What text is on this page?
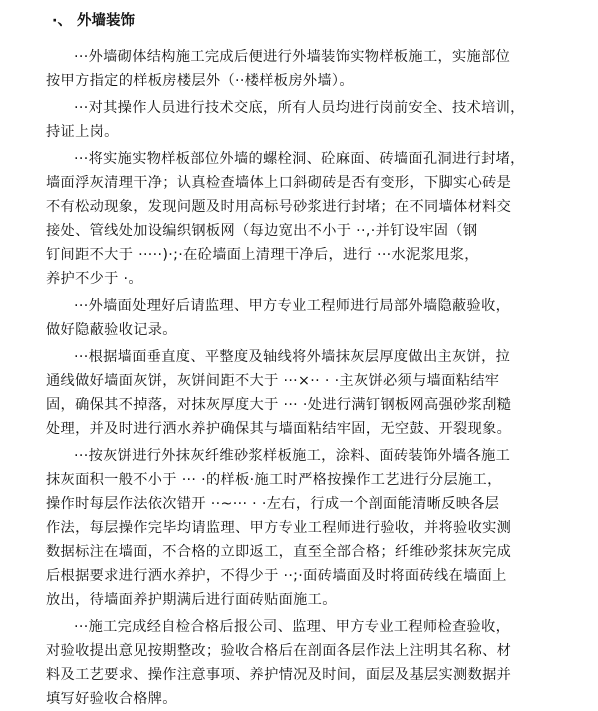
·、 外墙装饰
···外墙砌体结构施工完成后便进行外墙装饰实物样板施工，实施部位
按甲方指定的样板房楼层外（··楼样板房外墙）。
···对其操作人员进行技术交底，所有人员均进行岗前安全、技术培训，
持证上岗。
···将实施实物样板部位外墙的螺栓洞、砼麻面、砖墙面孔洞进行封堵，
墙面浮灰清理干净；认真检查墙体上口斜砌砖是否有变形，下脚实心砖是
不有松动现象，发现问题及时用高标号砂浆进行封堵；在不同墙体材料交
接处、管线处加设编织钢板网（每边宽出不小于 ··,·并钉设牢固（钢
钉间距不大于 ·····)·;·在砼墙面上清理干净后，进行 ···水泥浆甩浆，
养护不少于 ·。
···外墙面处理好后请监理、甲方专业工程师进行局部外墙隐蔽验收，
做好隐蔽验收记录。
···根据墙面垂直度、平整度及轴线将外墙抹灰层厚度做出主灰饼，拉
通线做好墙面灰饼，灰饼间距不大于 ···×·· · ·主灰饼必须与墙面粘结牢
固，确保其不掉落，对抹灰厚度大于 ··· ·处进行满钉钢板网高强砂浆刮糙
处理，并及时进行洒水养护确保其与墙面粘结牢固，无空鼓、开裂现象。
···按灰饼进行外抹灰纤维砂浆样板施工，涂料、面砖装饰外墙各施工
抹灰面积一般不小于 ··· ·的样板·施工时严格按操作工艺进行分层施工，
操作时每层作法依次错开 ··~··· · ·左右，行成一个剖面能清晰反映各层
作法，每层操作完毕均请监理、甲方专业工程师进行验收，并将验收实测
数据标注在墙面，不合格的立即返工，直至全部合格；纤维砂浆抹灰完成
后根据要求进行洒水养护，不得少于 ··;·面砖墙面及时将面砖线在墙面上
放出，待墙面养护期满后进行面砖贴面施工。
···施工完成经自检合格后报公司、监理、甲方专业工程师检查验收，
对验收提出意见按期整改；验收合格后在剖面各层作法上注明其名称、材
料及工艺要求、操作注意事项、养护情况及时间，面层及基层实测数据并
填写好验收合格牌。
